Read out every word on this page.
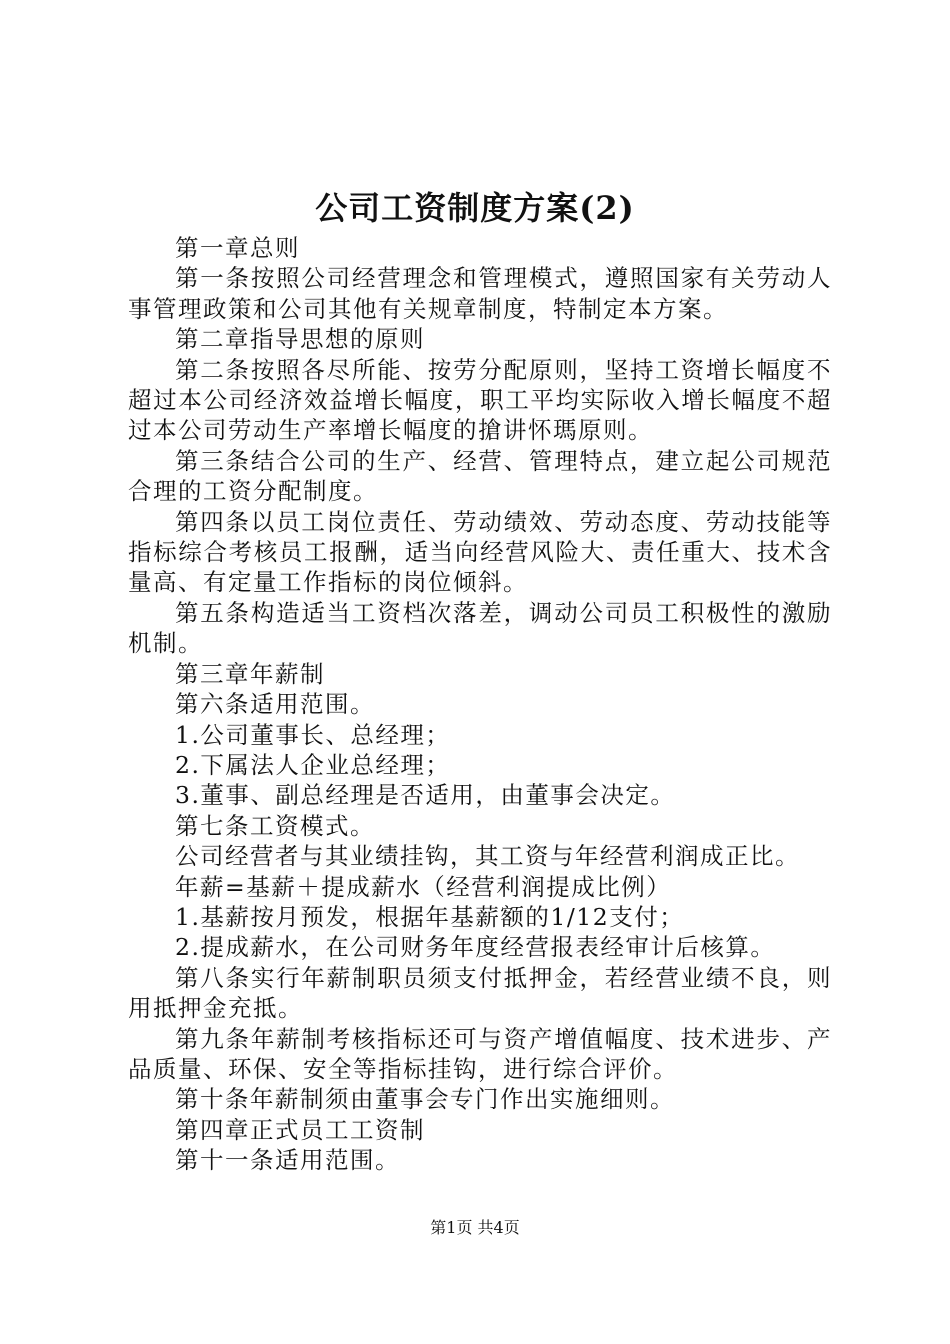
公司工资制度方案(2)

第一章总则

第一条按照公司经营理念和管理模式，遵照国家有关劳动人事管理政策和公司其他有关规章制度，特制定本方案。

第二章指导思想的原则

第二条按照各尽所能、按劳分配原则，坚持工资增长幅度不超过本公司经济效益增长幅度，职工平均实际收入增长幅度不超过本公司劳动生产率增长幅度的搶讲怀瑪原则。

第三条结合公司的生产、经营、管理特点，建立起公司规范合理的工资分配制度。

第四条以员工岗位责任、劳动绩效、劳动态度、劳动技能等指标综合考核员工报酬，适当向经营风险大、责任重大、技术含量高、有定量工作指标的岗位倾斜。

第五条构造适当工资档次落差，调动公司员工积极性的激励机制。

第三章年薪制

第六条适用范围。

1.公司董事长、总经理；

2.下属法人企业总经理；

3.董事、副总经理是否适用，由董事会决定。

第七条工资模式。

公司经营者与其业绩挂钩，其工资与年经营利润成正比。

年薪=基薪＋提成薪水（经营利润提成比例）

1.基薪按月预发，根据年基薪额的1/12支付；

2.提成薪水，在公司财务年度经营报表经审计后核算。

第八条实行年薪制职员须支付抵押金，若经营业绩不良，则用抵押金充抵。

第九条年薪制考核指标还可与资产增值幅度、技术进步、产品质量、环保、安全等指标挂钩，进行综合评价。

第十条年薪制须由董事会专门作出实施细则。

第四章正式员工工资制

第十一条适用范围。

第1页 共4页
